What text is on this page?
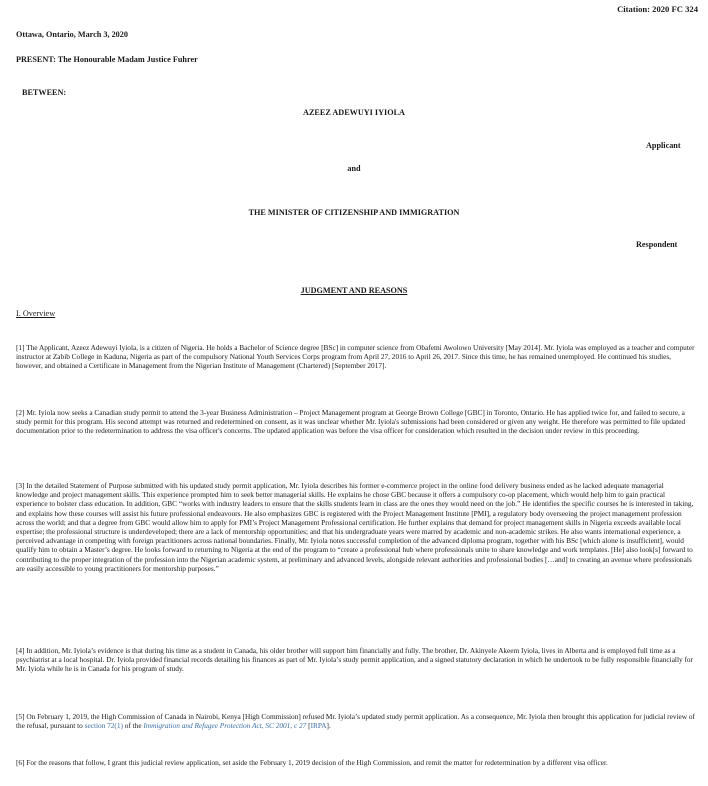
Citation: 2020 FC 324
Ottawa, Ontario, March 3, 2020
PRESENT: The Honourable Madam Justice Fuhrer
BETWEEN:
AZEEZ ADEWUYI IYIOLA
Applicant
and
THE MINISTER OF CITIZENSHIP AND IMMIGRATION
Respondent
JUDGMENT AND REASONS
I. Overview

[1] The Applicant, Azeez Adewuyi Iyiola, is a citizen of Nigeria. He holds a Bachelor of Science degree [BSc] in computer science from Obafemi Awolowo University [May 2014]. Mr. Iyiola was employed as a teacher and computer instructor at Zabib College in Kaduna, Nigeria as part of the compulsory National Youth Services Corps program from April 27, 2016 to April 26, 2017. Since this time, he has remained unemployed. He continued his studies, however, and obtained a Certificate in Management from the Nigerian Institute of Management (Chartered) [September 2017].

[2] Mr. Iyiola now seeks a Canadian study permit to attend the 3-year Business Administration – Project Management program at George Brown College [GBC] in Toronto, Ontario. He has applied twice for, and failed to secure, a study permit for this program. His second attempt was returned and redetermined on consent, as it was unclear whether Mr. Iyiola's submissions had been considered or given any weight. He therefore was permitted to file updated documentation prior to the redetermination to address the visa officer's concerns. The updated application was before the visa officer for consideration which resulted in the decision under review in this proceeding.

[3] In the detailed Statement of Purpose submitted with his updated study permit application, Mr. Iyiola describes his former e-commerce project in the online food delivery business ended as he lacked adequate managerial knowledge and project management skills. This experience prompted him to seek better managerial skills. He explains he chose GBC because it offers a compulsory co-op placement, which would help him to gain practical experience to bolster class education. In addition, GBC “works with industry leaders to ensure that the skills students learn in class are the ones they would need on the job.” He identifies the specific courses he is interested in taking, and explains how these courses will assist his future professional endeavours. He also emphasizes GBC is registered with the Project Management Institute [PMI], a regulatory body overseeing the project management profession across the world; and that a degree from GBC would allow him to apply for PMI’s Project Management Professional certification. He further explains that demand for project management skills in Nigeria exceeds available local expertise; the professional structure is underdeveloped; there are a lack of mentorship opportunities; and that his undergraduate years were marred by academic and non-academic strikes. He also wants international experience, a perceived advantage in competing with foreign practitioners across national boundaries. Finally, Mr. Iyiola notes successful completion of the advanced diploma program, together with his BSc [which alone is insufficient], would qualify him to obtain a Master’s degree. He looks forward to returning to Nigeria at the end of the program to “create a professional hub where professionals unite to share knowledge and work templates. [He] also look[s] forward to contributing to the proper integration of the profession into the Nigerian academic system, at preliminary and advanced levels, alongside relevant authorities and professional bodies […and] to creating an avenue where professionals are easily accessible to young practitioners for mentorship purposes.”

[4] In addition, Mr. Iyiola’s evidence is that during his time as a student in Canada, his older brother will support him financially and fully. The brother, Dr. Akinyele Akeem Iyiola, lives in Alberta and is employed full time as a psychiatrist at a local hospital. Dr. Iyiola provided financial records detailing his finances as part of Mr. Iyiola’s study permit application, and a signed statutory declaration in which he undertook to be fully responsible financially for Mr. Iyiola while he is in Canada for his program of study.

[5] On February 1, 2019, the High Commission of Canada in Nairobi, Kenya [High Commission] refused Mr. Iyiola’s updated study permit application. As a consequence, Mr. Iyiola then brought this application for judicial review of the refusal, pursuant to section 72(1) of the Immigration and Refugee Protection Act, SC 2001, c 27 [IRPA].

[6] For the reasons that follow, I grant this judicial review application, set aside the February 1, 2019 decision of the High Commission, and remit the matter for redetermination by a different visa officer.
